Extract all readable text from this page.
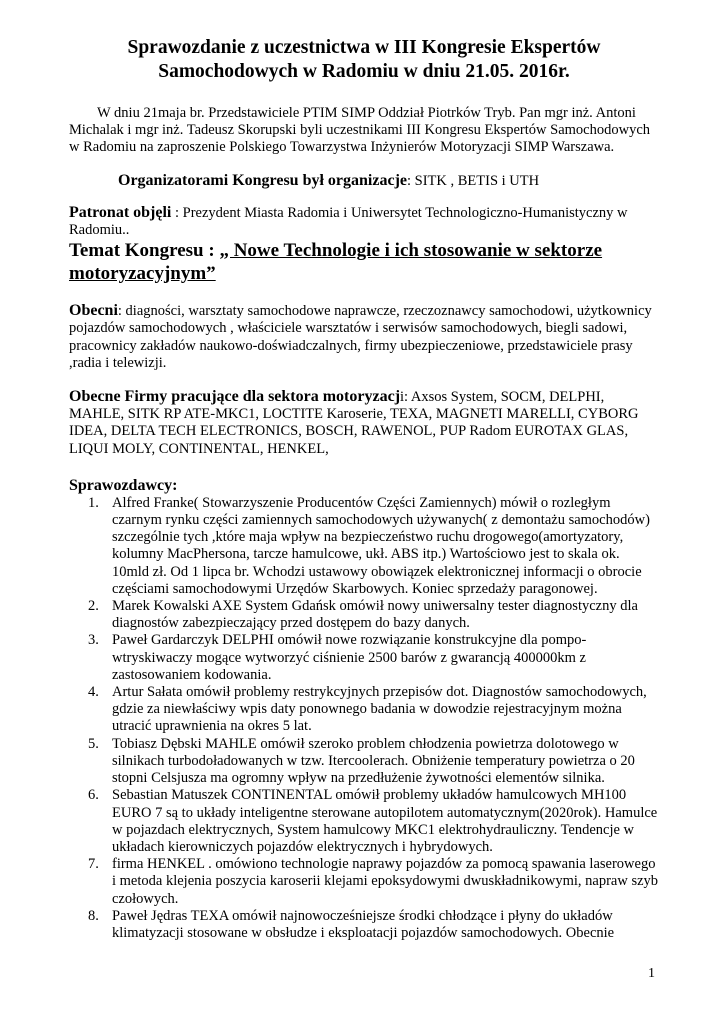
Sprawozdanie z uczestnictwa w III Kongresie Ekspertów
Samochodowych w Radomiu w dniu 21.05. 2016r.

W dniu 21maja br. Przedstawiciele PTIM SIMP Oddział Piotrków Tryb. Pan mgr inż. Antoni Michalak i mgr inż. Tadeusz Skorupski byli uczestnikami III Kongresu Ekspertów Samochodowych w Radomiu na zaproszenie Polskiego Towarzystwa Inżynierów Motoryzacji SIMP Warszawa.

Organizatorami Kongresu był organizacje: SITK , BETIS i UTH

Patronat objęli : Prezydent Miasta Radomia i Uniwersytet Technologiczno-Humanistyczny w Radomiu..

Temat Kongresu : „ Nowe Technologie i ich stosowanie w sektorze motoryzacyjnym”

Obecni: diagności, warsztaty samochodowe naprawcze, rzeczoznawcy samochodowi, użytkownicy pojazdów samochodowych , właściciele warsztatów i serwisów samochodowych, biegli sadowi, pracownicy zakładów naukowo-doświadczalnych, firmy ubezpieczeniowe, przedstawiciele prasy ,radia i telewizji.

Obecne Firmy pracujące dla sektora motoryzacji: Axsos System, SOCM, DELPHI, MAHLE, SITK RP ATE-MKC1, LOCTITE Karoserie, TEXA, MAGNETI MARELLI, CYBORG IDEA, DELTA TECH ELECTRONICS, BOSCH, RAWENOL, PUP Radom EUROTAX GLAS, LIQUI MOLY, CONTINENTAL, HENKEL,

Sprawozdawcy:

1. Alfred Franke( Stowarzyszenie Producentów Części Zamiennych) mówił o rozległym czarnym rynku części zamiennych samochodowych używanych( z demontażu samochodów) szczególnie tych ,które maja wpływ na bezpieczeństwo ruchu drogowego(amortyzatory, kolumny MacPhersona, tarcze hamulcowe, ukł. ABS itp.) Wartościowo jest to skala ok. 10mld zł. Od 1 lipca br. Wchodzi ustawowy obowiązek elektronicznej informacji o obrocie częściami samochodowymi Urzędów Skarbowych. Koniec sprzedaży paragonowej.
2. Marek Kowalski AXE System Gdańsk omówił nowy uniwersalny tester diagnostyczny dla diagnostów zabezpieczający przed dostępem do bazy danych.
3. Paweł Gardarczyk DELPHI omówił nowe rozwiązanie konstrukcyjne dla pompo-wtryskiwaczy mogące wytworzyć ciśnienie 2500 barów z gwarancją 400000km z zastosowaniem kodowania.
4. Artur Sałata omówił problemy restrykcyjnych przepisów dot. Diagnostów samochodowych, gdzie za niewłaściwy wpis daty ponownego badania w dowodzie rejestracyjnym można utracić uprawnienia na okres 5 lat.
5. Tobiasz Dębski MAHLE omówił szeroko problem chłodzenia powietrza dolotowego w silnikach turbodoładowanych w tzw. Itercoolerach. Obniżenie temperatury powietrza o 20 stopni Celsjusza ma ogromny wpływ na przedłużenie żywotności elementów silnika.
6. Sebastian Matuszek CONTINENTAL omówił problemy układów hamulcowych MH100 EURO 7 są to układy inteligentne sterowane autopilotem automatycznym(2020rok). Hamulce w pojazdach elektrycznych, System hamulcowy MKC1 elektrohydrauliczny. Tendencje w układach kierowniczych pojazdów elektrycznych i hybrydowych.
7. firma HENKEL . omówiono technologie naprawy pojazdów za pomocą spawania laserowego i metoda klejenia poszycia karoserii klejami epoksydowymi dwuskładnikowymi, napraw szyb czołowych.
8. Paweł Jędras TEXA omówił najnowocześniejsze środki chłodzące i płyny do układów klimatyzacji stosowane w obsłudze i eksploatacji pojazdów samochodowych. Obecnie
1
